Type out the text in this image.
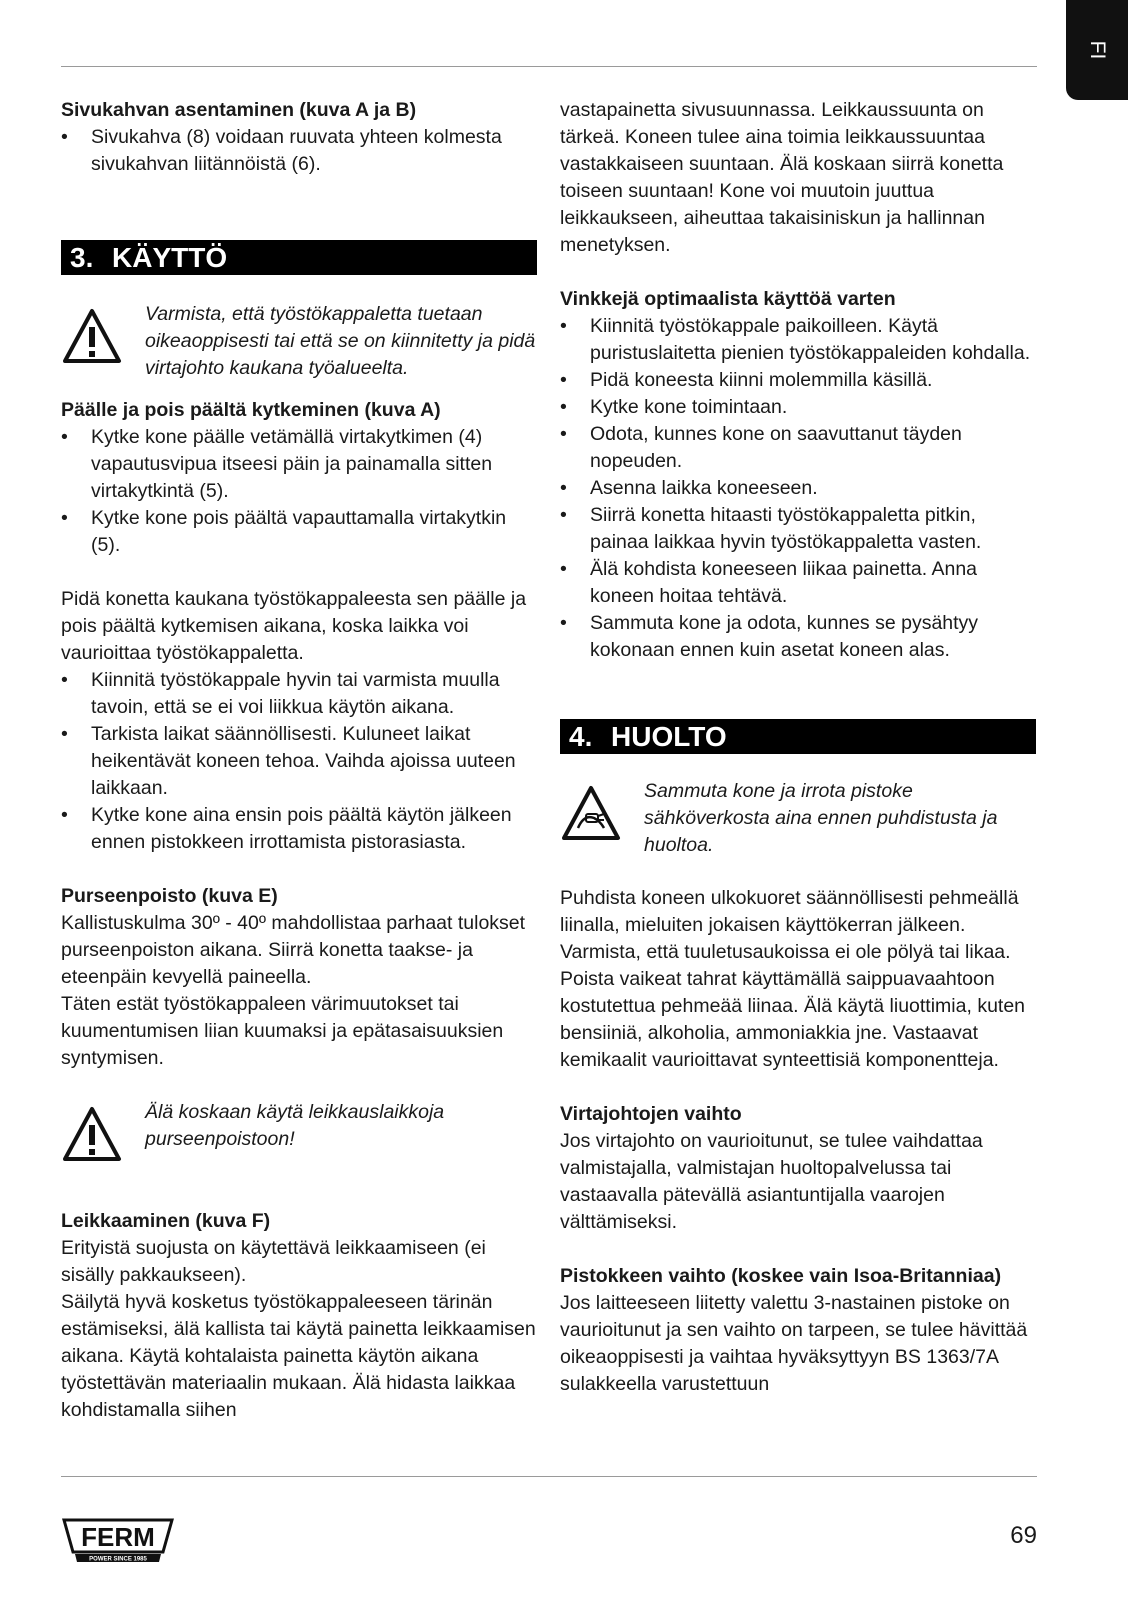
FI

Sivukahvan asentaminen (kuva A ja B)

• Sivukahva (8) voidaan ruuvata yhteen kolmesta sivukahvan liitännöistä (6).
3. KÄYTTÖ
Varmista, että työstökappaletta tuetaan oikeaoppisesti tai että se on kiinnitetty ja pidä virtajohto kaukana työalueelta.

Päälle ja pois päältä kytkeminen (kuva A)

• Kytke kone päälle vetämällä virtakytkimen (4) vapautusvipua itseesi päin ja painamalla sitten virtakytkintä (5).
• Kytke kone pois päältä vapauttamalla virtakytkin (5).

Pidä konetta kaukana työstökappaleesta sen päälle ja pois päältä kytkemisen aikana, koska laikka voi vaurioittaa työstökappaletta.

• Kiinnitä työstökappale hyvin tai varmista muulla tavoin, että se ei voi liikkua käytön aikana.
• Tarkista laikat säännöllisesti. Kuluneet laikat heikentävät koneen tehoa. Vaihda ajoissa uuteen laikkaan.
• Kytke kone aina ensin pois päältä käytön jälkeen ennen pistokkeen irrottamista pistorasiasta.

Purseenpoisto (kuva E)

Kallistuskulma 30º - 40º mahdollistaa parhaat tulokset purseenpoiston aikana. Siirrä konetta taakse- ja eteenpäin kevyellä paineella.

Täten estät työstökappaleen värimuutokset tai kuumentumisen liian kuumaksi ja epätasaisuuksien syntymisen.

Älä koskaan käytä leikkauslaikkoja purseenpoistoon!

Leikkaaminen (kuva F)

Erityistä suojusta on käytettävä leikkaamiseen (ei sisälly pakkaukseen).

Säilytä hyvä kosketus työstökappaleeseen tärinän estämiseksi, älä kallista tai käytä painetta leikkaamisen aikana. Käytä kohtalaista painetta käytön aikana työstettävän materiaalin mukaan. Älä hidasta laikkaa kohdistamalla siihen

vastapainetta sivusuunnassa. Leikkaussuunta on tärkeä. Koneen tulee aina toimia leikkaussuuntaa vastakkaiseen suuntaan. Älä koskaan siirrä konetta toiseen suuntaan! Kone voi muutoin juuttua leikkaukseen, aiheuttaa takaisiniskun ja hallinnan menetyksen.

Vinkkejä optimaalista käyttöä varten

• Kiinnitä työstökappale paikoilleen. Käytä puristuslaitetta pienien työstökappaleiden kohdalla.
• Pidä koneesta kiinni molemmilla käsillä.
• Kytke kone toimintaan.
• Odota, kunnes kone on saavuttanut täyden nopeuden.
• Asenna laikka koneeseen.
• Siirrä konetta hitaasti työstökappaletta pitkin, painaa laikkaa hyvin työstökappaletta vasten.
• Älä kohdista koneeseen liikaa painetta. Anna koneen hoitaa tehtävä.
• Sammuta kone ja odota, kunnes se pysähtyy kokonaan ennen kuin asetat koneen alas.
4. HUOLTO
Sammuta kone ja irrota pistoke sähköverkosta aina ennen puhdistusta ja huoltoa.

Puhdista koneen ulkokuoret säännöllisesti pehmeällä liinalla, mieluiten jokaisen käyttökerran jälkeen. Varmista, että tuuletusaukoissa ei ole pölyä tai likaa. Poista vaikeat tahrat käyttämällä saippuavaahtoon kostutettua pehmeää liinaa. Älä käytä liuottimia, kuten bensiiniä, alkoholia, ammoniakkia jne. Vastaavat kemikaalit vaurioittavat synteettisiä komponentteja.

Virtajohtojen vaihto

Jos virtajohto on vaurioitunut, se tulee vaihdattaa valmistajalla, valmistajan huoltopalvelussa tai vastaavalla pätevällä asiantuntijalla vaarojen välttämiseksi.

Pistokkeen vaihto (koskee vain Isoa-Britanniaa)

Jos laitteeseen liitetty valettu 3-nastainen pistoke on vaurioitunut ja sen vaihto on tarpeen, se tulee hävittää oikeaoppisesti ja vaihtaa hyväksyttyyn BS 1363/7A sulakkeella varustettuun

FERM
POWER SINCE 1985
69
